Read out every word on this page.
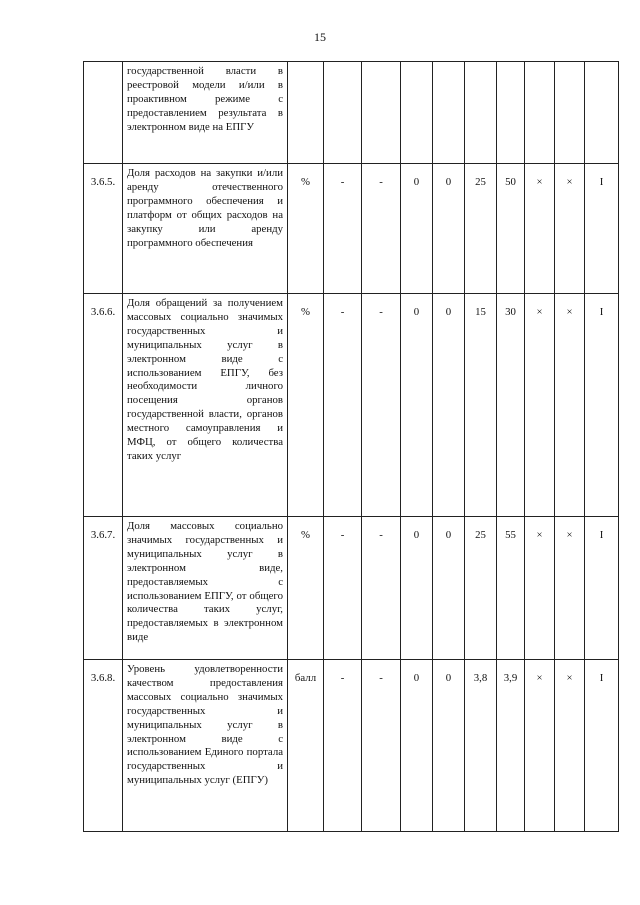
15
	государственной власти в реестровой модели и/или в проактивном режиме с предоставлением результата в электронном виде на ЕПГУ										
3.6.5.	Доля расходов на закупки и/или аренду отечественного программного обеспечения и платформ от общих расходов на закупку или аренду программного обеспечения	%	-	-	0	0	25	50	×	×	I
3.6.6.	Доля обращений за получением массовых социально значимых государственных и муниципальных услуг в электронном виде с использованием ЕПГУ, без необходимости личного посещения органов государственной власти, органов местного самоуправления и МФЦ, от общего количества таких услуг	%	-	-	0	0	15	30	×	×	I
3.6.7.	Доля массовых социально значимых государственных и муниципальных услуг в электронном виде, предоставляемых с использованием ЕПГУ, от общего количества таких услуг, предоставляемых в электронном виде	%	-	-	0	0	25	55	×	×	I
3.6.8.	Уровень удовлетворенности качеством предоставления массовых социально значимых государственных и муниципальных услуг в электронном виде с использованием Единого портала государственных и муниципальных услуг (ЕПГУ)	балл	-	-	0	0	3,8	3,9	×	×	I
